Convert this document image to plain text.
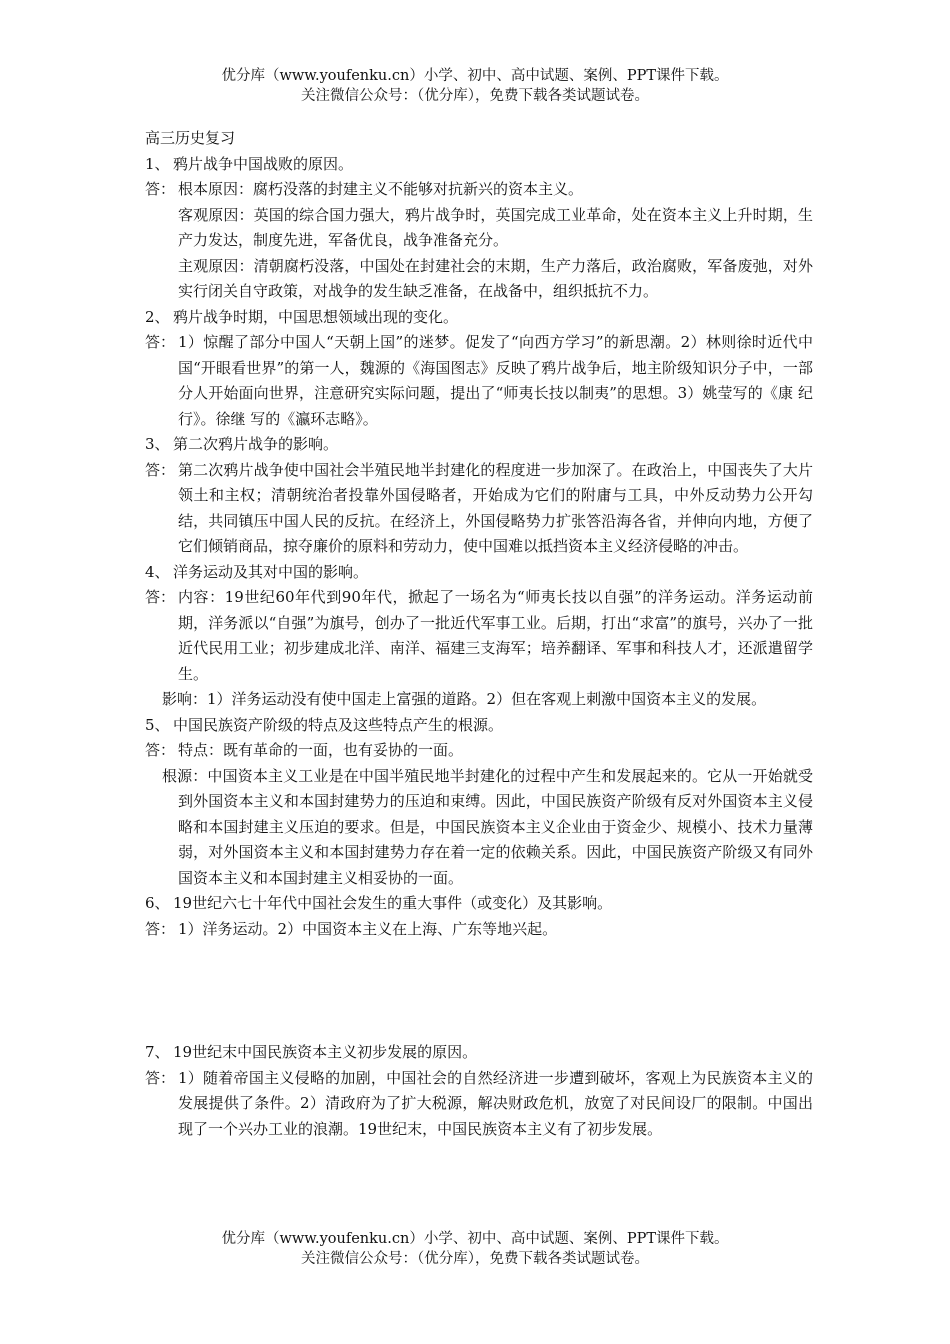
优分库（www.youfenku.cn）小学、初中、高中试题、案例、PPT课件下载。
关注微信公众号：（优分库），免费下载各类试题试卷。
高三历史复习
1、 鸦片战争中国战败的原因。
答： 根本原因：腐朽没落的封建主义不能够对抗新兴的资本主义。
客观原因：英国的综合国力强大，鸦片战争时，英国完成工业革命，处在资本主义上升时期，生产力发达，制度先进，军备优良，战争准备充分。
主观原因：清朝腐朽没落，中国处在封建社会的末期，生产力落后，政治腐败，军备废弛，对外实行闭关自守政策，对战争的发生缺乏准备，在战备中，组织抵抗不力。
2、 鸦片战争时期，中国思想领域出现的变化。
答： 1）惊醒了部分中国人“天朝上国”的迷梦。促发了“向西方学习”的新思潮。2）林则徐时近代中国“开眼看世界”的第一人，魏源的《海国图志》反映了鸦片战争后，地主阶级知识分子中，一部分人开始面向世界，注意研究实际问题，提出了“师夷长技以制夷”的思想。3）姚莹写的《康 纪行》。徐继 写的《瀛环志略》。
3、 第二次鸦片战争的影响。
答： 第二次鸦片战争使中国社会半殖民地半封建化的程度进一步加深了。在政治上，中国丧失了大片领土和主权；清朝统治者投靠外国侵略者，开始成为它们的附庸与工具，中外反动势力公开勾结，共同镇压中国人民的反抗。在经济上，外国侵略势力扩张答沿海各省，并伸向内地，方便了它们倾销商品，掠夺廉价的原料和劳动力，使中国难以抵挡资本主义经济侵略的冲击。
4、 洋务运动及其对中国的影响。
答： 内容：19世纪60年代到90年代，掀起了一场名为“师夷长技以自强”的洋务运动。洋务运动前期，洋务派以“自强”为旗号，创办了一批近代军事工业。后期，打出“求富”的旗号，兴办了一批近代民用工业；初步建成北洋、南洋、福建三支海军；培养翻译、军事和科技人才，还派遣留学生。
影响：1）洋务运动没有使中国走上富强的道路。2）但在客观上刺激中国资本主义的发展。
5、 中国民族资产阶级的特点及这些特点产生的根源。
答： 特点：既有革命的一面，也有妥协的一面。
根源：中国资本主义工业是在中国半殖民地半封建化的过程中产生和发展起来的。它从一开始就受到外国资本主义和本国封建势力的压迫和束缚。因此，中国民族资产阶级有反对外国资本主义侵略和本国封建主义压迫的要求。但是，中国民族资本主义企业由于资金少、规模小、技术力量薄弱，对外国资本主义和本国封建势力存在着一定的依赖关系。因此，中国民族资产阶级又有同外国资本主义和本国封建主义相妥协的一面。
6、 19世纪六七十年代中国社会发生的重大事件（或变化）及其影响。
答： 1）洋务运动。2）中国资本主义在上海、广东等地兴起。
7、 19世纪末中国民族资本主义初步发展的原因。
答： 1）随着帝国主义侵略的加剧，中国社会的自然经济进一步遭到破坏，客观上为民族资本主义的发展提供了条件。2）清政府为了扩大税源，解决财政危机，放宽了对民间设厂的限制。中国出现了一个兴办工业的浪潮。19世纪末，中国民族资本主义有了初步发展。
优分库（www.youfenku.cn）小学、初中、高中试题、案例、PPT课件下载。
关注微信公众号：（优分库），免费下载各类试题试卷。
